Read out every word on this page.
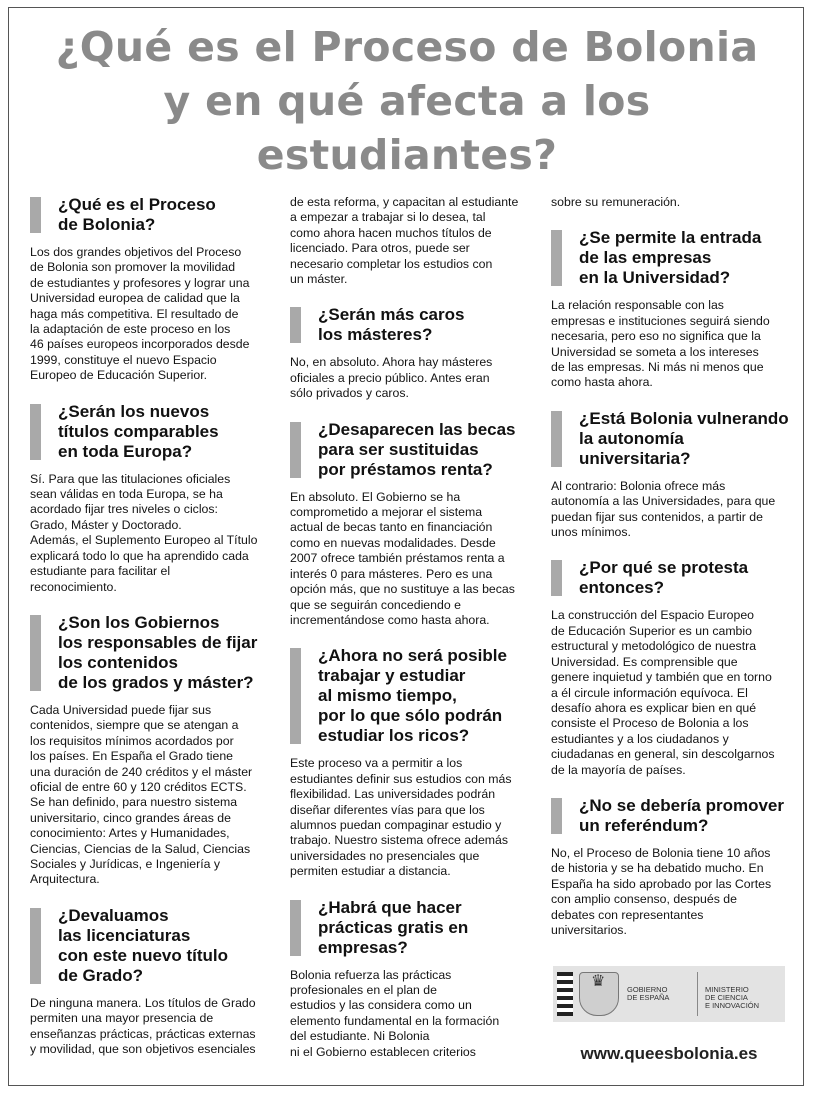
¿Qué es el Proceso de Bolonia
y en qué afecta a los
estudiantes?
¿Qué es el Proceso
de Bolonia?
Los dos grandes objetivos del Proceso
de Bolonia son promover la movilidad
de estudiantes y profesores y lograr una
Universidad europea de calidad que la
haga más competitiva. El resultado de
la adaptación de este proceso en los
46 países europeos incorporados desde
1999, constituye el nuevo Espacio
Europeo de Educación Superior.
¿Serán los nuevos
títulos comparables
en toda Europa?
Sí. Para que las titulaciones oficiales
sean válidas en toda Europa, se ha
acordado fijar tres niveles o ciclos:
Grado, Máster y Doctorado.
Además, el Suplemento Europeo al Título
explicará todo lo que ha aprendido cada
estudiante para facilitar el
reconocimiento.
¿Son los Gobiernos
los responsables de fijar
los contenidos
de los grados y máster?
Cada Universidad puede fijar sus
contenidos, siempre que se atengan a
los requisitos mínimos acordados por
los países. En España el Grado tiene
una duración de 240 créditos y el máster
oficial de entre 60 y 120 créditos ECTS.
Se han definido, para nuestro sistema
universitario, cinco grandes áreas de
conocimiento: Artes y Humanidades,
Ciencias, Ciencias de la Salud, Ciencias
Sociales y Jurídicas, e Ingeniería y
Arquitectura.
¿Devaluamos
las licenciaturas
con este nuevo título
de Grado?
De ninguna manera. Los títulos de Grado
permiten una mayor presencia de
enseñanzas prácticas, prácticas externas
y movilidad, que son objetivos esenciales
de esta reforma, y capacitan al estudiante
a empezar a trabajar si lo desea, tal
como ahora hacen muchos títulos de
licenciado. Para otros, puede ser
necesario completar los estudios con
un máster.
¿Serán más caros
los másteres?
No, en absoluto. Ahora hay másteres
oficiales a precio público. Antes eran
sólo privados y caros.
¿Desaparecen las becas
para ser sustituidas
por préstamos renta?
En absoluto. El Gobierno se ha
comprometido a mejorar el sistema
actual de becas tanto en financiación
como en nuevas modalidades. Desde
2007 ofrece también préstamos renta a
interés 0 para másteres. Pero es una
opción más, que no sustituye a las becas
que se seguirán concediendo e
incrementándose como hasta ahora.
¿Ahora no será posible
trabajar y estudiar
al mismo tiempo,
por lo que sólo podrán
estudiar los ricos?
Este proceso va a permitir a los
estudiantes definir sus estudios con más
flexibilidad. Las universidades podrán
diseñar diferentes vías para que los
alumnos puedan compaginar estudio y
trabajo. Nuestro sistema ofrece además
universidades no presenciales que
permiten estudiar a distancia.
¿Habrá que hacer
prácticas gratis en
empresas?
Bolonia refuerza las prácticas
profesionales en el plan de
estudios y las considera como un
elemento fundamental en la formación
del estudiante. Ni Bolonia
ni el Gobierno establecen criterios
sobre su remuneración.
¿Se permite la entrada
de las empresas
en la Universidad?
La relación responsable con las
empresas e instituciones seguirá siendo
necesaria, pero eso no significa que la
Universidad se someta a los intereses
de las empresas. Ni más ni menos que
como hasta ahora.
¿Está Bolonia vulnerando
la autonomía
universitaria?
Al contrario: Bolonia ofrece más
autonomía a las Universidades, para que
puedan fijar sus contenidos, a partir de
unos mínimos.
¿Por qué se protesta
entonces?
La construcción del Espacio Europeo
de Educación Superior es un cambio
estructural y metodológico de nuestra
Universidad. Es comprensible que
genere inquietud y también que en torno
a él circule información equívoca. El
desafío ahora es explicar bien en qué
consiste el Proceso de Bolonia a los
estudiantes y a los ciudadanos y
ciudadanas en general, sin descolgarnos
de la mayoría de países.
¿No se debería promover
un referéndum?
No, el Proceso de Bolonia tiene 10 años
de historia y se ha debatido mucho. En
España ha sido aprobado por las Cortes
con amplio consenso, después de
debates con representantes
universitarios.
♛
GOBIERNO
DE ESPAÑA
MINISTERIO
DE CIENCIA
E INNOVACIÓN
www.queesbolonia.es
